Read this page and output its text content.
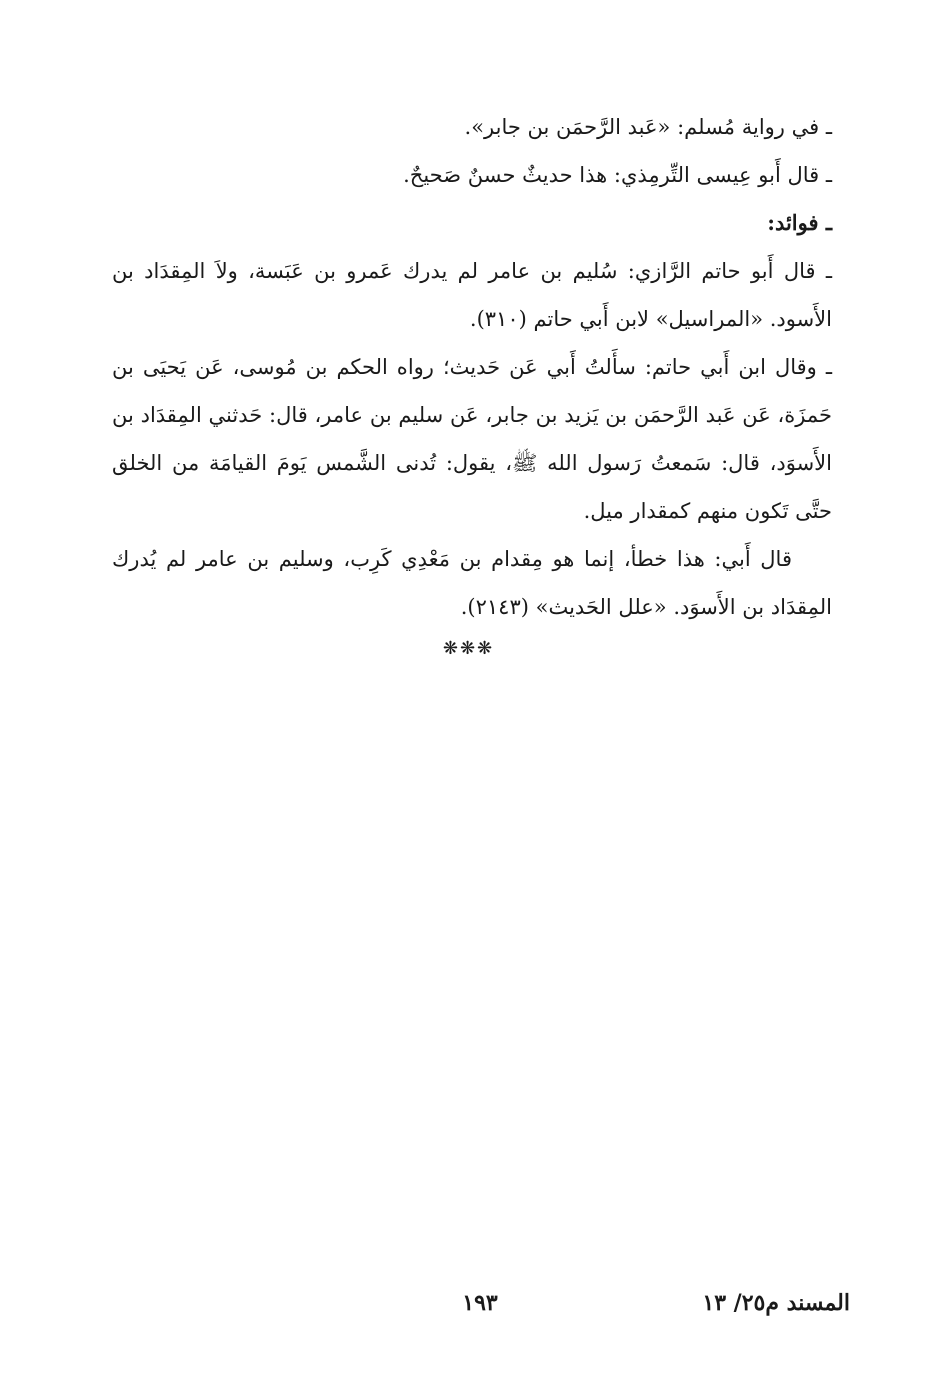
ـ في رواية مُسلم: «عَبد الرَّحمَن بن جابر».

ـ قال أَبو عِيسى التِّرمِذي: هذا حديثٌ حسنٌ صَحيحٌ.

ـ فوائد:

ـ قال أَبو حاتم الرَّازي: سُليم بن عامر لم يدرك عَمرو بن عَبَسة، ولاَ المِقدَاد بن الأَسود. «المراسيل» لابن أَبي حاتم (٣١٠).

ـ وقال ابن أَبي حاتم: سأَلتُ أَبي عَن حَديث؛ رواه الحكم بن مُوسى، عَن يَحيَى بن حَمزَة، عَن عَبد الرَّحمَن بن يَزيد بن جابر، عَن سليم بن عامر، قال: حَدثني المِقدَاد بن الأَسوَد، قال: سَمعتُ رَسول الله ﷺ، يقول: تُدنى الشَّمس يَومَ القيامَة من الخلق حتَّى تَكون منهم كمقدار ميل.

قال أَبي: هذا خطأ، إنما هو مِقدام بن مَعْدِي كَرِب، وسليم بن عامر لم يُدرك المِقدَاد بن الأَسوَد. «علل الحَديث» (٢١٤٣).

❋❋❋
١٩٣	المسند م٢٥/ ١٣
